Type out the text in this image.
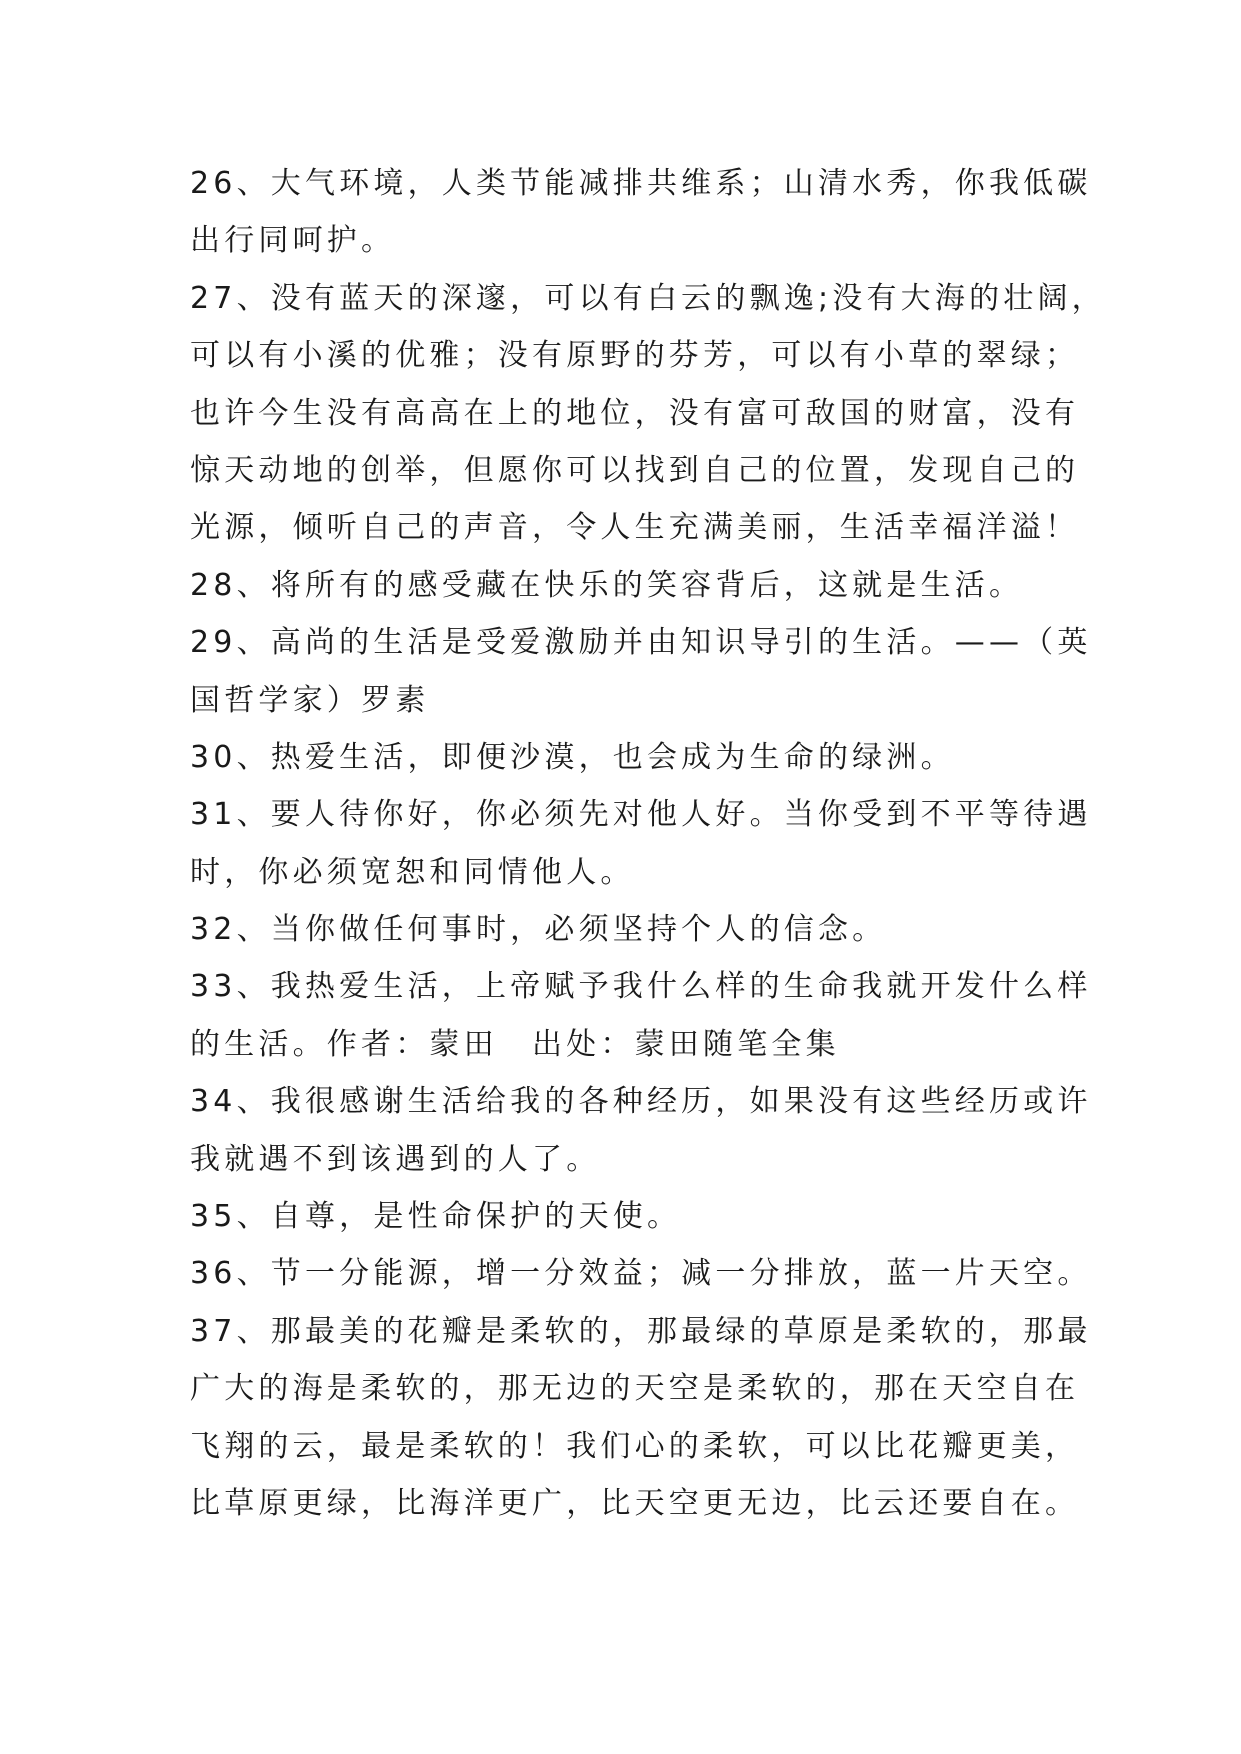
26、大气环境，人类节能减排共维系；山清水秀，你我低碳
出行同呵护。
27、没有蓝天的深邃，可以有白云的飘逸;没有大海的壮阔，
可以有小溪的优雅；没有原野的芬芳，可以有小草的翠绿；
也许今生没有高高在上的地位，没有富可敌国的财富，没有
惊天动地的创举，但愿你可以找到自己的位置，发现自己的
光源，倾听自己的声音，令人生充满美丽，生活幸福洋溢！
28、将所有的感受藏在快乐的笑容背后，这就是生活。
29、高尚的生活是受爱激励并由知识导引的生活。——（英
国哲学家）罗素
30、热爱生活，即便沙漠，也会成为生命的绿洲。
31、要人待你好，你必须先对他人好。当你受到不平等待遇
时，你必须宽恕和同情他人。
32、当你做任何事时，必须坚持个人的信念。
33、我热爱生活，上帝赋予我什么样的生命我就开发什么样
的生活。作者：蒙田　出处：蒙田随笔全集
34、我很感谢生活给我的各种经历，如果没有这些经历或许
我就遇不到该遇到的人了。
35、自尊，是性命保护的天使。
36、节一分能源，增一分效益；减一分排放，蓝一片天空。
37、那最美的花瓣是柔软的，那最绿的草原是柔软的，那最
广大的海是柔软的，那无边的天空是柔软的，那在天空自在
飞翔的云，最是柔软的！我们心的柔软，可以比花瓣更美，
比草原更绿，比海洋更广，比天空更无边，比云还要自在。
